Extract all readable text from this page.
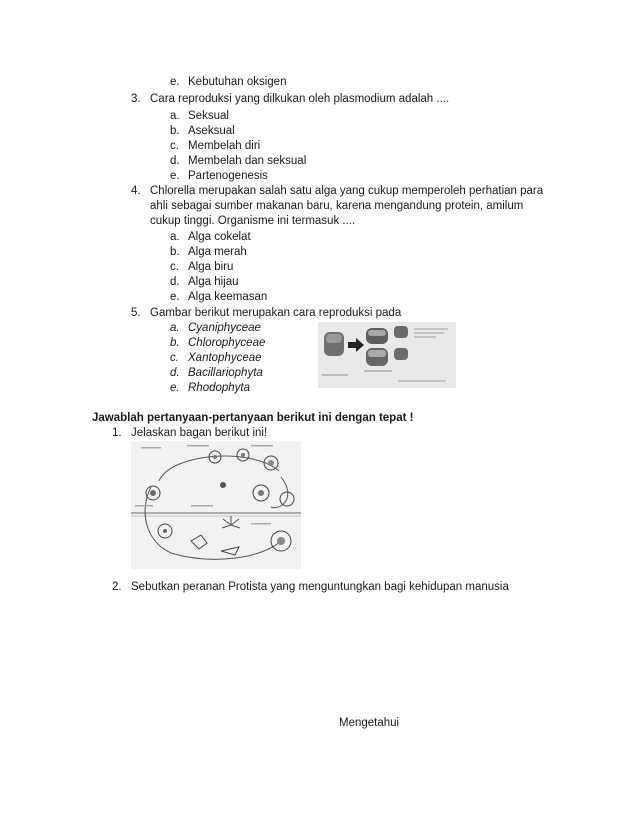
e. Kebutuhan oksigen
3. Cara reproduksi yang dilkukan oleh plasmodium adalah ....
a. Seksual
b. Aseksual
c. Membelah diri
d. Membelah dan seksual
e. Partenogenesis
4. Chlorella merupakan salah satu alga yang cukup memperoleh perhatian para
ahli sebagai sumber makanan baru, karena mengandung protein, amilum
cukup tinggi. Organisme ini termasuk ....
a. Alga cokelat
b. Alga merah
c. Alga biru
d. Alga hijau
e. Alga keemasan
5. Gambar berikut merupakan cara reproduksi pada
a. Cyaniphyceae
b. Chlorophyceae
c. Xantophyceae
d. Bacillariophyta
e. Rhodophyta
Jawablah pertanyaan-pertanyaan berikut ini dengan tepat !
1. Jelaskan bagan berikut ini!
2. Sebutkan peranan Protista yang menguntungkan bagi kehidupan manusia
Mengetahui
